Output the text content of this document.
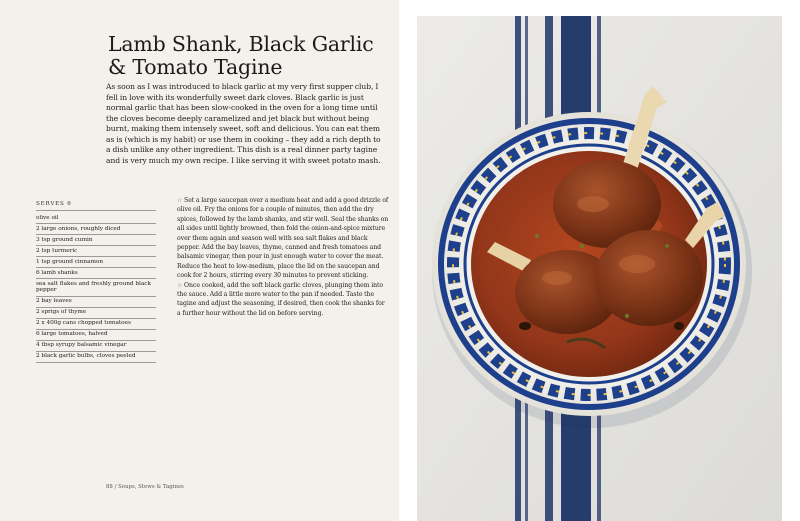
Lamb Shank, Black Garlic
& Tomato Tagine

As soon as I was introduced to black garlic at my very first supper club, I fell in love with its wonderfully sweet dark cloves. Black garlic is just normal garlic that has been slow-cooked in the oven for a long time until the cloves become deeply caramelized and jet black but without being burnt, making them intensely sweet, soft and delicious. You can eat them as is (which is my habit) or use them in cooking – they add a rich depth to a dish unlike any other ingredient. This dish is a real dinner party tagine and is very much my own recipe. I like serving it with sweet potato mash.

SERVES 6
olive oil
2 large onions, roughly diced
3 tsp ground cumin
2 tsp turmeric
1 tsp ground cinnamon
6 lamb shanks
sea salt flakes and freshly ground black pepper
2 bay leaves
2 sprigs of thyme
2 x 400g cans chopped tomatoes
6 large tomatoes, halved
4 tbsp syrupy balsamic vinegar
2 black garlic bulbs, cloves peeled

☆ Set a large saucepan over a medium heat and add a good drizzle of olive oil. Fry the onions for a couple of minutes, then add the dry spices, followed by the lamb shanks, and stir well. Seal the shanks on all sides until lightly browned, then fold the onion-and-spice mixture over them again and season well with sea salt flakes and black pepper. Add the bay leaves, thyme, canned and fresh tomatoes and balsamic vinegar, then pour in just enough water to cover the meat. Reduce the heat to low-medium, place the lid on the saucepan and cook for 2 hours, stirring every 30 minutes to prevent sticking.

☆ Once cooked, add the soft black garlic cloves, plunging them into the sauce. Add a little more water to the pan if needed. Taste the tagine and adjust the seasoning, if desired, then cook the shanks for a further hour without the lid on before serving.

88 / Soups, Stews & Tagines
